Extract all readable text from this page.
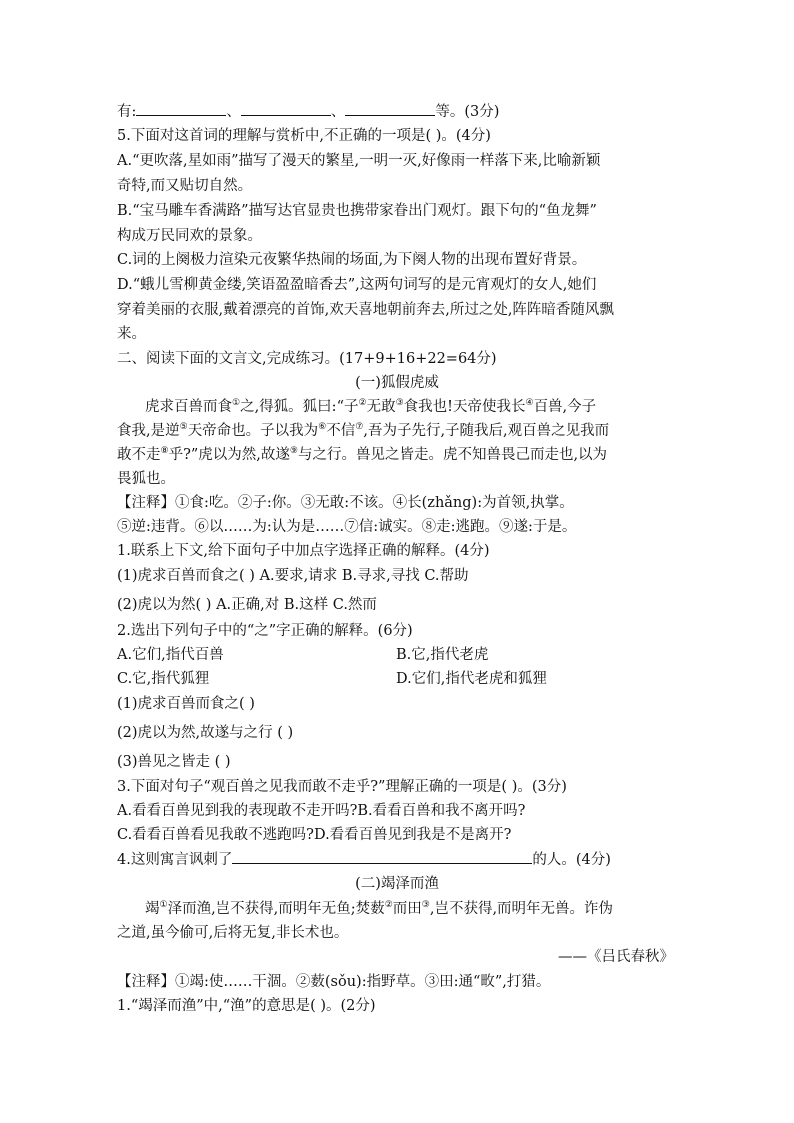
有:	、	、	等。(3分)
5.下面对这首词的理解与赏析中,不正确的一项是( )。(4分)
A.“更吹落,星如雨”描写了漫天的繁星,一明一灭,好像雨一样落下来,比喻新颖
奇特,而又贴切自然。
B.“宝马雕车香满路”描写达官显贵也携带家眷出门观灯。跟下句的“鱼龙舞”
构成万民同欢的景象。
C.词的上阕极力渲染元夜繁华热闹的场面,为下阕人物的出现布置好背景。
D.“蛾儿雪柳黄金缕,笑语盈盈暗香去”,这两句词写的是元宵观灯的女人,她们
穿着美丽的衣服,戴着漂亮的首饰,欢天喜地朝前奔去,所过之处,阵阵暗香随风飘
来。
二、阅读下面的文言文,完成练习。(17+9+16+22=64分)
(一)狐假虎威
虎求百兽而食①之,得狐。狐曰:“子②无敢③食我也!天帝使我长④百兽,今子
食我,是逆⑤天帝命也。子以我为⑥不信⑦,吾为子先行,子随我后,观百兽之见我而
敢不走⑧乎?”虎以为然,故遂⑨与之行。兽见之皆走。虎不知兽畏己而走也,以为
畏狐也。
【注释】①食:吃。②子:你。③无敢:不该。④长(zhǎng):为首领,执掌。
⑤逆:违背。⑥以……为:认为是……⑦信:诚实。⑧走:逃跑。⑨遂:于是。
1.联系上下文,给下面句子中加点字选择正确的解释。(4分)
(1)虎求百兽而食之( ) A.要求,请求 B.寻求,寻找 C.帮助
(2)虎以为然( ) A.正确,对 B.这样 C.然而
2.选出下列句子中的“之”字正确的解释。(6分)
A.它们,指代百兽	B.它,指代老虎
C.它,指代狐狸	D.它们,指代老虎和狐狸
(1)虎求百兽而食之( )
(2)虎以为然,故遂与之行 ( )
(3)兽见之皆走 ( )
3.下面对句子“观百兽之见我而敢不走乎?”理解正确的一项是( )。(3分)
A.看看百兽见到我的表现敢不走开吗?B.看看百兽和我不离开吗?
C.看看百兽看见我敢不逃跑吗?D.看看百兽见到我是不是离开?
4.这则寓言讽刺了	的人。(4分)
(二)竭泽而渔
竭①泽而渔,岂不获得,而明年无鱼;焚薮②而田③,岂不获得,而明年无兽。诈伪
之道,虽今偷可,后将无复,非长术也。
——《吕氏春秋》
【注释】①竭:使……干涸。②薮(sǒu):指野草。③田:通“畋”,打猎。
1.“竭泽而渔”中,“渔”的意思是( )。(2分)
